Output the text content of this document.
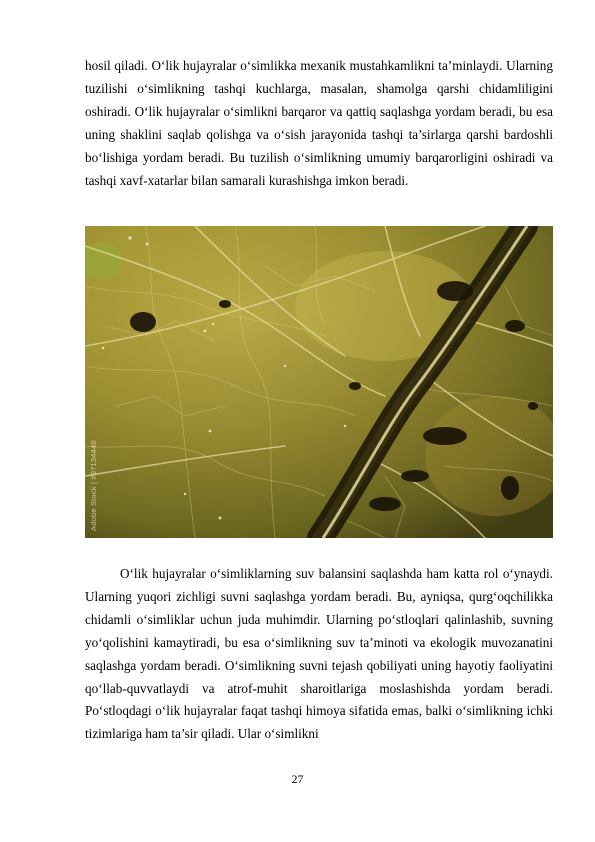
hosil qiladi. O‘lik hujayralar o‘simlikka mexanik mustahkamlikni ta’minlaydi. Ularning tuzilishi o‘simlikning tashqi kuchlarga, masalan, shamolga qarshi chidamliligini oshiradi. O‘lik hujayralar o‘simlikni barqaror va qattiq saqlashga yordam beradi, bu esa uning shaklini saqlab qolishga va o‘sish jarayonida tashqi ta’sirlarga qarshi bardoshli bo‘lishiga yordam beradi. Bu tuzilish o‘simlikning umumiy barqarorligini oshiradi va tashqi xavf-xatarlar bilan samarali kurashishga imkon beradi.

Adobe Stock | #97134440

O‘lik hujayralar o‘simliklarning suv balansini saqlashda ham katta rol o‘ynaydi. Ularning yuqori zichligi suvni saqlashga yordam beradi. Bu, ayniqsa, qurg‘oqchilikka chidamli o‘simliklar uchun juda muhimdir. Ularning po‘stloqlari qalinlashib, suvning yo‘qolishini kamaytiradi, bu esa o‘simlikning suv ta’minoti va ekologik muvozanatini saqlashga yordam beradi. O‘simlikning suvni tejash qobiliyati uning hayotiy faoliyatini qo‘llab-quvvatlaydi va atrof-muhit sharoitlariga moslashishda yordam beradi. Po‘stloqdagi o‘lik hujayralar faqat tashqi himoya sifatida emas, balki o‘simlikning ichki tizimlariga ham ta’sir qiladi. Ular o‘simlikni

27
